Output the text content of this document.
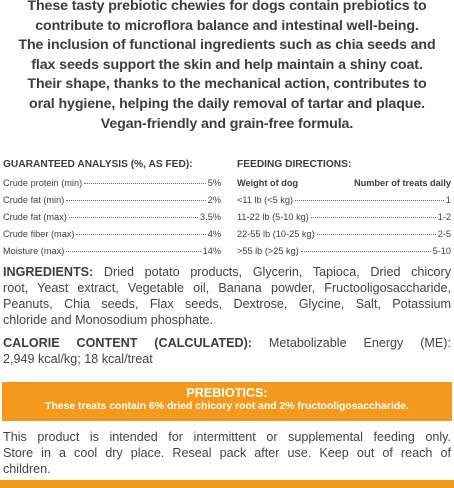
Thesе tasty prebiotic chewies for dogs contain prebiotics to
contribute to microflora balance and intestinal well-being.
The inclusion of functional ingredients such as chia seeds and
flax seeds support the skin and help maintain a shiny coat.
Their shape, thanks to the mechanical action, contributes to
oral hygiene, helping the daily removal of tartar and plaque.
Vegan-friendly and grain-free formula.
GUARANTEED ANALYSIS (%, AS FED):
Crude protein (min)	5%
Crude fat (min)	2%
Crude fat (max)	3.5%
Crude fiber (max)	4%
Moisture (max)	14%
FEEDING DIRECTIONS:
Weight of dog	Number of treats daily
<11 lb (<5 kg)	1
11-22 lb (5-10 kg)	1-2
22-55 lb (10-25 kg)	2-5
>55 lb (>25 kg)	5-10
INGREDIENTS: Dried potato products, Glycerin, Tapioca, Dried chicory
root, Yeast extract, Vegetable oil, Banana powder, Fructooligosaccharide,
Peanuts, Chia seeds, Flax seeds, Dextrose, Glycine, Salt, Potassium
chloride and Monosodium phosphate.
CALORIE CONTENT (CALCULATED): Metabolizable Energy (ME):
2,949 kcal/kg; 18 kcal/treat
PREBIOTICS:
These treats contain 6% dried chicory root and 2% fructooligosaccharide.
This product is intended for intermittent or supplemental feeding only.
Store in a cool dry place. Reseal pack after use. Keep out of reach of
children.
